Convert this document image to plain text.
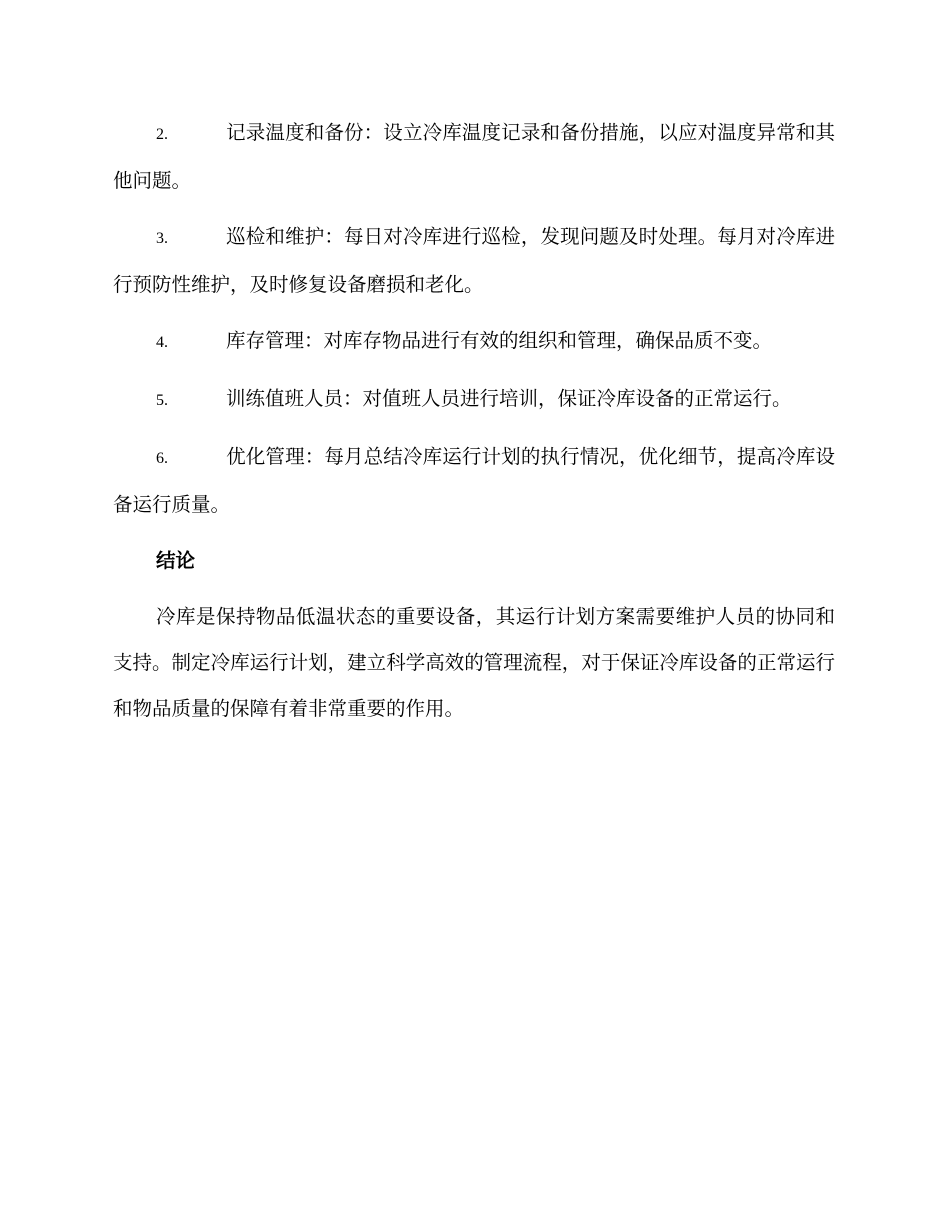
2.	记录温度和备份：设立冷库温度记录和备份措施，以应对温度异常和其他问题。
3.	巡检和维护：每日对冷库进行巡检，发现问题及时处理。每月对冷库进行预防性维护，及时修复设备磨损和老化。
4.	库存管理：对库存物品进行有效的组织和管理，确保品质不变。
5.	训练值班人员：对值班人员进行培训，保证冷库设备的正常运行。
6.	优化管理：每月总结冷库运行计划的执行情况，优化细节，提高冷库设备运行质量。
结论

冷库是保持物品低温状态的重要设备，其运行计划方案需要维护人员的协同和支持。制定冷库运行计划，建立科学高效的管理流程，对于保证冷库设备的正常运行和物品质量的保障有着非常重要的作用。
